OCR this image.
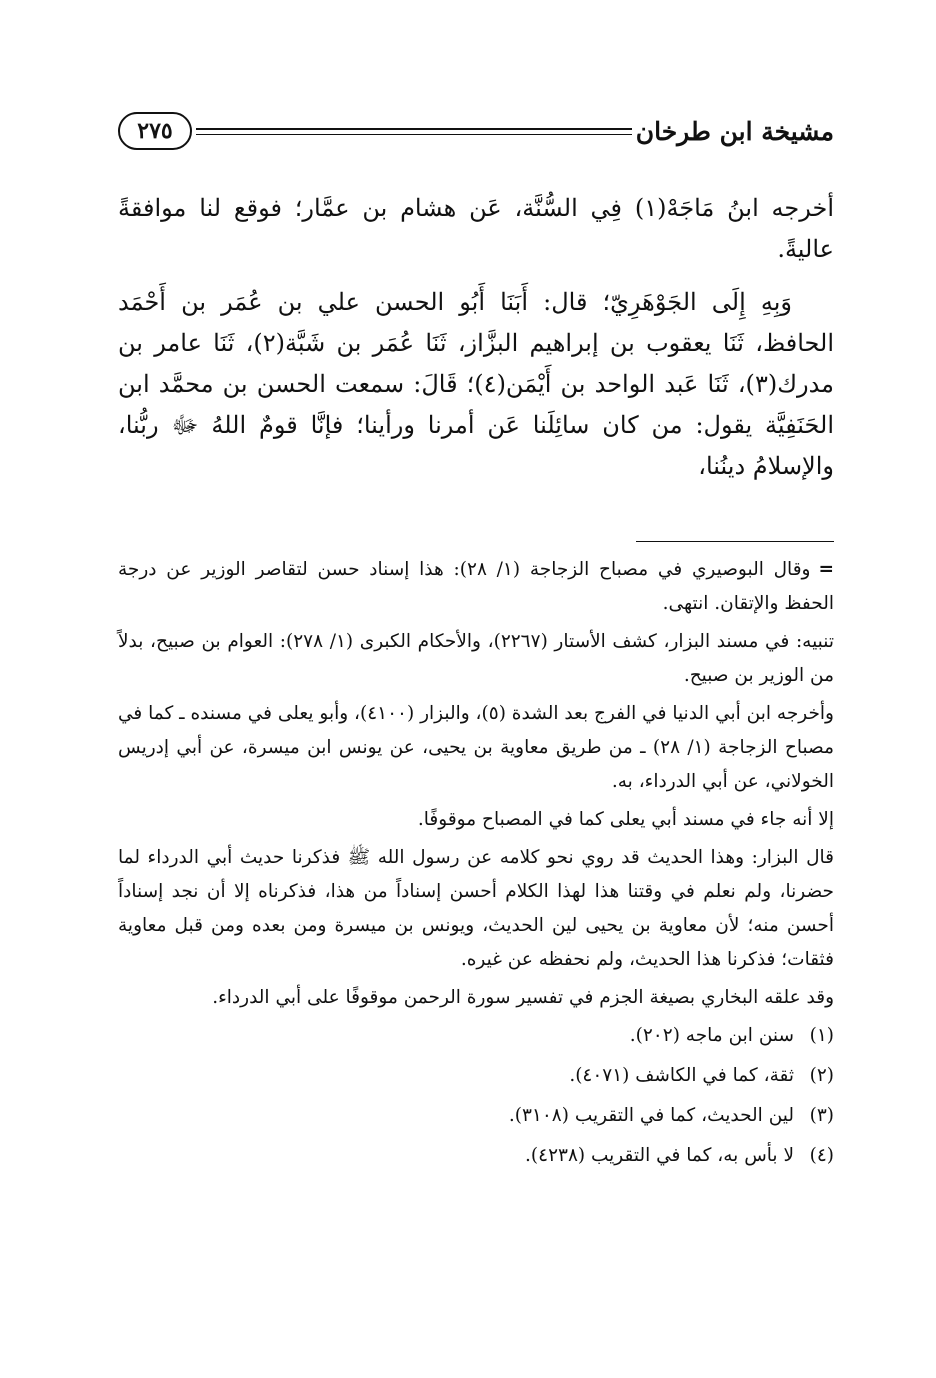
مشيخة ابن طرخان
٢٧٥

أخرجه ابنُ مَاجَهْ(١) فِي السُّنَّة، عَن هشام بن عمَّار؛ فوقع لنا موافقةً عاليةً.

وَبِهِ إِلَى الجَوْهَرِيّ؛ قال: أَبَنَا أَبُو الحسن علي بن عُمَر بن أَحْمَد الحافظ، ثَنَا يعقوب بن إبراهيم البزَّاز، ثَنَا عُمَر بن شَبَّة(٢)، ثَنَا عامر بن مدرك(٣)، ثَنَا عَبد الواحد بن أَيْمَن(٤)؛ قَالَ: سمعت الحسن بن محمَّد ابن الحَنَفِيَّة يقول: من كان سائِلَنا عَن أمرنا ورأينا؛ فإنَّا قومٌ اللهُ ﷻ ربُّنا، والإسلامُ دينُنا،

=وقال البوصيري في مصباح الزجاجة (١/ ٢٨): هذا إسناد حسن لتقاصر الوزير عن درجة الحفظ والإتقان. انتهى.

تنبيه: في مسند البزار، كشف الأستار (٢٢٦٧)، والأحكام الكبرى (١/ ٢٧٨): العوام بن صبيح، بدلاً من الوزير بن صبيح.

وأخرجه ابن أبي الدنيا في الفرج بعد الشدة (٥)، والبزار (٤١٠٠)، وأبو يعلى في مسنده ـ كما في مصباح الزجاجة (١/ ٢٨) ـ من طريق معاوية بن يحيى، عن يونس ابن ميسرة، عن أبي إدريس الخولاني، عن أبي الدرداء، به.

إلا أنه جاء في مسند أبي يعلى كما في المصباح موقوفًا.

قال البزار: وهذا الحديث قد روي نحو كلامه عن رسول الله ﷺ فذكرنا حديث أبي الدرداء لما حضرنا، ولم نعلم في وقتنا هذا لهذا الكلام أحسن إسناداً من هذا، فذكرناه إلا أن نجد إسناداً أحسن منه؛ لأن معاوية بن يحيى لين الحديث، ويونس بن ميسرة ومن بعده ومن قبل معاوية فثقات؛ فذكرنا هذا الحديث، ولم نحفظه عن غيره.

وقد علقه البخاري بصيغة الجزم في تفسير سورة الرحمن موقوفًا على أبي الدرداء.

(١)
سنن ابن ماجه (٢٠٢).
(٢)
ثقة، كما في الكاشف (٤٠٧١).
(٣)
لين الحديث، كما في التقريب (٣١٠٨).
(٤)
لا بأس به، كما في التقريب (٤٢٣٨).
